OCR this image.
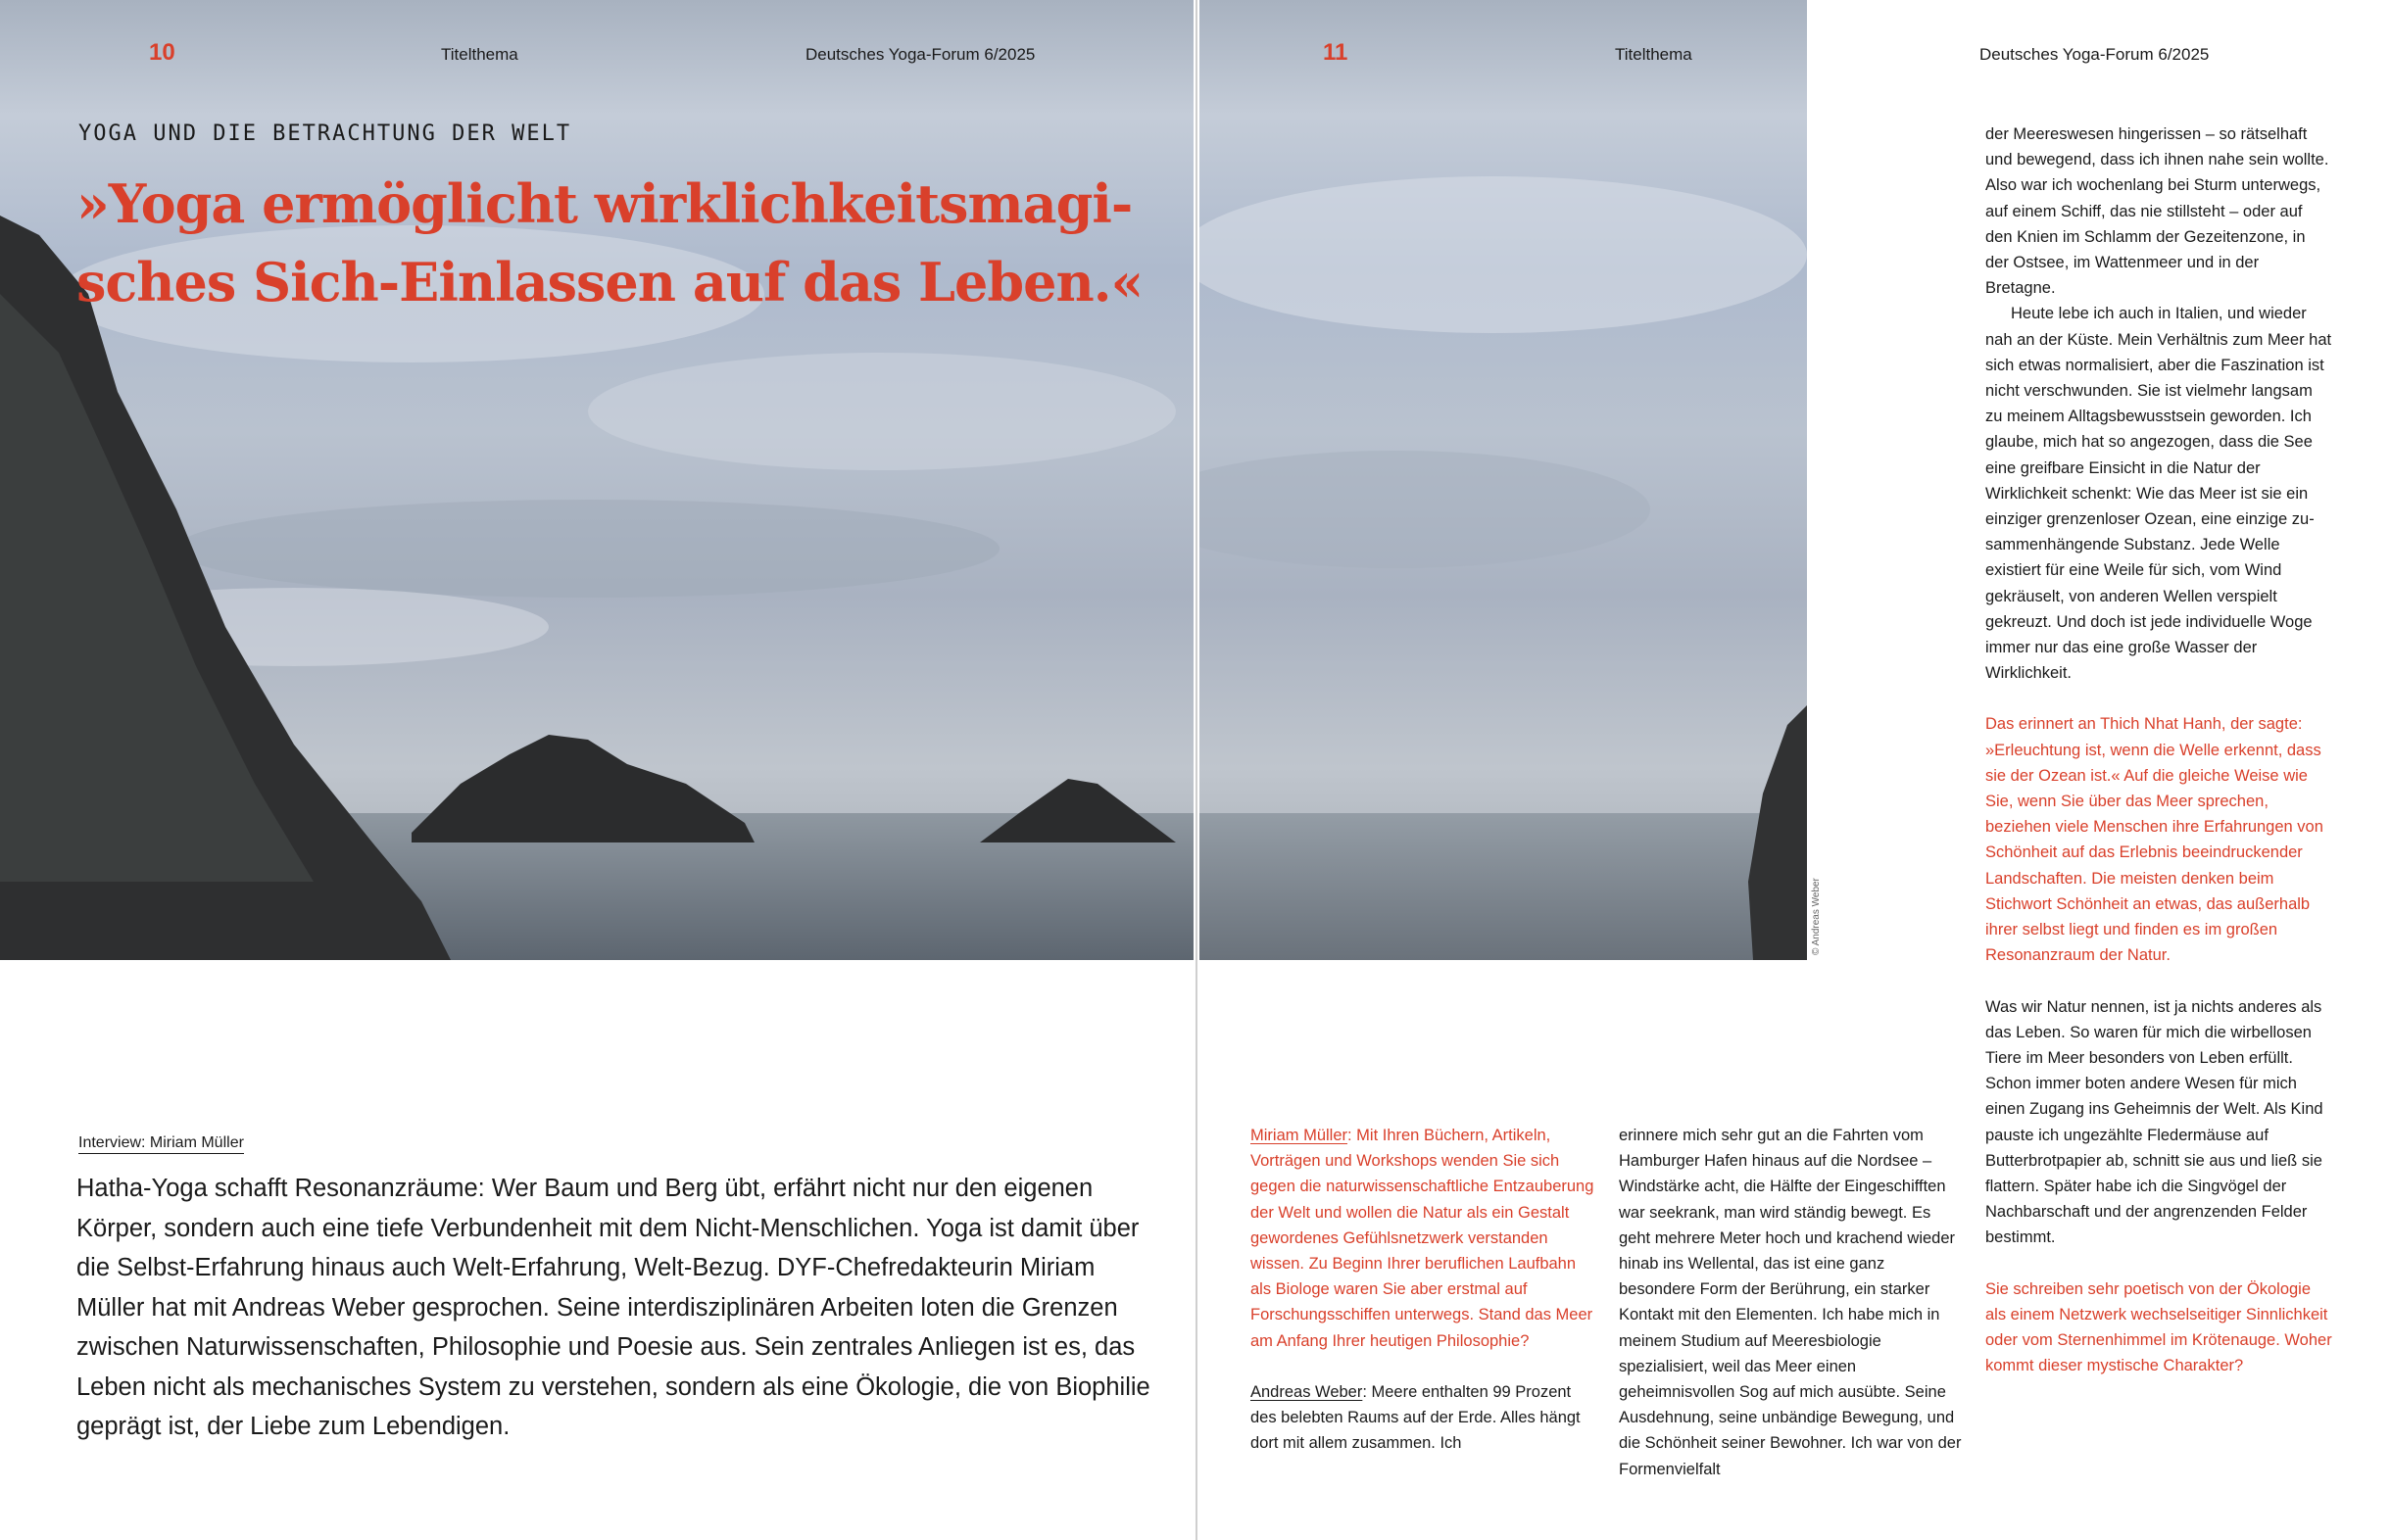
10	Titelthema	Deutsches Yoga-Forum 6/2025	11	Titelthema	Deutsches Yoga-Forum 6/2025
YOGA UND DIE BETRACHTUNG DER WELT
»Yoga ermöglicht wirklichkeitsmagi-
sches Sich-Einlassen auf das Leben.«
© Andreas Weber
Interview: Miriam Müller

Hatha-Yoga schafft Resonanzräume: Wer Baum und Berg übt, erfährt nicht nur den eigenen Körper, sondern auch eine tiefe Verbundenheit mit dem Nicht-Menschlichen. Yoga ist damit über die Selbst-Erfahrung hinaus auch Welt-Erfahrung, Welt-Bezug. DYF-Chefredakteurin Miriam Müller hat mit Andreas Weber gesprochen. Seine interdisziplinären Arbeiten loten die Grenzen zwischen Naturwissenschaften, Philosophie und Poesie aus. Sein zentrales Anliegen ist es, das Leben nicht als mechanisches System zu verstehen, sondern als eine Ökologie, die von Biophilie geprägt ist, der Liebe zum Lebendigen.

Miriam Müller: Mit Ihren Büchern, Artikeln, Vorträgen und Workshops wenden Sie sich gegen die naturwissenschaftliche Entzauberung der Welt und wollen die Natur als ein Gestalt gewordenes Gefühlsnetzwerk verstanden wissen. Zu Beginn Ihrer beruflichen Laufbahn als Biologe waren Sie aber erstmal auf Forschungsschiffen unterwegs. Stand das Meer am Anfang Ihrer heutigen Philosophie?

Andreas Weber: Meere enthalten 99 Prozent des belebten Raums auf der Erde. Alles hängt dort mit allem zusammen. Ich

erinnere mich sehr gut an die Fahrten vom Hamburger Hafen hinaus auf die Nordsee – Windstärke acht, die Hälfte der Eingeschifften war seekrank, man wird ständig bewegt. Es geht mehrere Meter hoch und krachend wieder hinab ins Wellental, das ist eine ganz besondere Form der Berührung, ein starker Kontakt mit den Elementen. Ich habe mich in meinem Studium auf Meeresbiologie spezialisiert, weil das Meer einen geheimnisvollen Sog auf mich ausübte. Seine Ausdehnung, seine unbändige Bewegung, und die Schönheit seiner Bewohner. Ich war von der Formenvielfalt

der Meereswesen hingerissen – so rätselhaft und bewegend, dass ich ihnen nahe sein wollte. Also war ich wochenlang bei Sturm unterwegs, auf einem Schiff, das nie stillsteht – oder auf den Knien im Schlamm der Gezeitenzone, in der Ostsee, im Wattenmeer und in der Bretagne.

Heute lebe ich auch in Italien, und wieder nah an der Küste. Mein Verhältnis zum Meer hat sich etwas normalisiert, aber die Faszination ist nicht verschwunden. Sie ist vielmehr langsam zu meinem Alltagsbewusstsein geworden. Ich glaube, mich hat so angezogen, dass die See eine greifbare Einsicht in die Natur der Wirklichkeit schenkt: Wie das Meer ist sie ein einziger grenzenloser Ozean, eine einzige zusammenhängende Substanz. Jede Welle existiert für eine Weile für sich, vom Wind gekräuselt, von anderen Wellen verspielt gekreuzt. Und doch ist jede individuelle Woge immer nur das eine große Wasser der Wirklichkeit.

Das erinnert an Thich Nhat Hanh, der sagte: »Erleuchtung ist, wenn die Welle erkennt, dass sie der Ozean ist.« Auf die gleiche Weise wie Sie, wenn Sie über das Meer sprechen, beziehen viele Menschen ihre Erfahrungen von Schönheit auf das Erlebnis beeindruckender Landschaften. Die meisten denken beim Stichwort Schönheit an etwas, das außerhalb ihrer selbst liegt und finden es im großen Resonanzraum der Natur.

Was wir Natur nennen, ist ja nichts anderes als das Leben. So waren für mich die wirbellosen Tiere im Meer besonders von Leben erfüllt. Schon immer boten andere Wesen für mich einen Zugang ins Geheimnis der Welt. Als Kind pauste ich ungezählte Fledermäuse auf Butterbrotpapier ab, schnitt sie aus und ließ sie flattern. Später habe ich die Singvögel der Nachbarschaft und der angrenzenden Felder bestimmt.

Sie schreiben sehr poetisch von der Ökologie als einem Netzwerk wechselseitiger Sinnlichkeit oder vom Sternenhimmel im Krötenauge. Woher kommt dieser mystische Charakter?
